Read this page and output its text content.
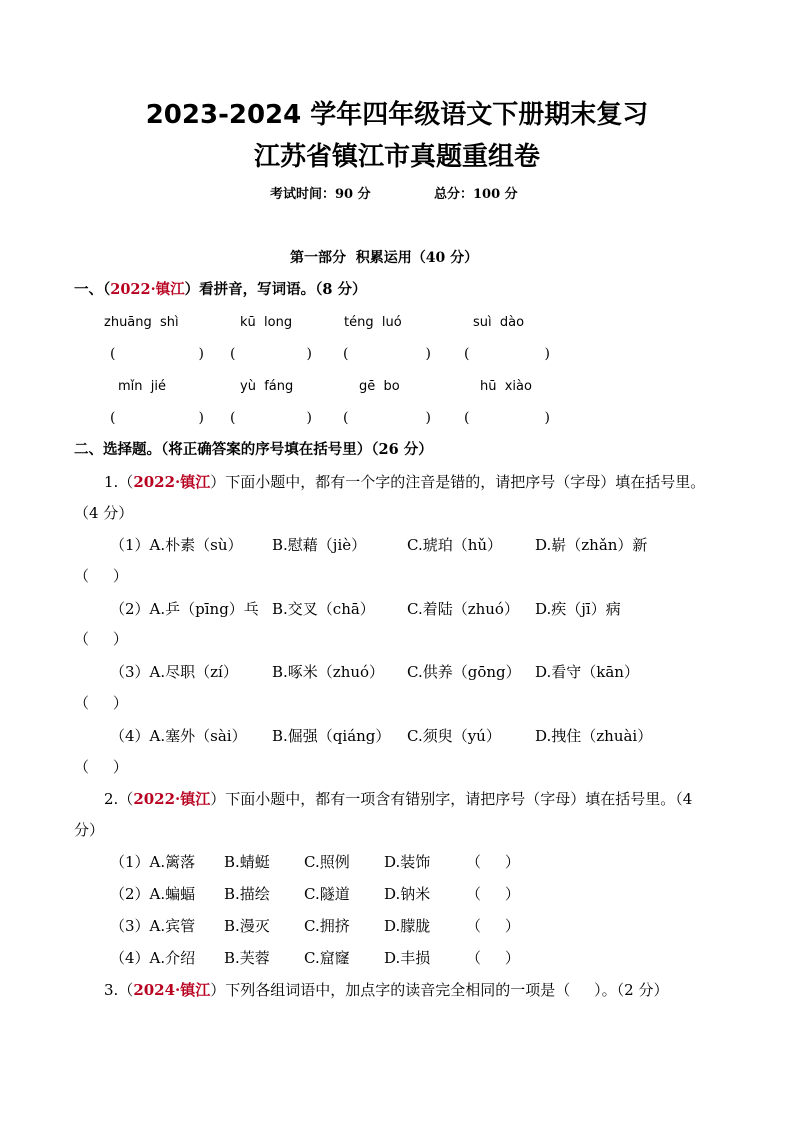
2023-2024 学年四年级语文下册期末复习
江苏省镇江市真题重组卷
考试时间：90 分	总分：100 分
第一部分  积累运用（40 分）
一、（2022·镇江）看拼音，写词语。（8 分）
zhuāng  shì	kū  long	téng  luó	suì  dào
(	) (	) (	) (	)
mǐn  jié	yù  fáng	gē  bo	hū  xiào
(	) (	) (	) (	)
二、选择题。（将正确答案的序号填在括号里）（26 分）
1.（2022·镇江）下面小题中，都有一个字的注音是错的，请把序号（字母）填在括号里。
（4 分）
（1）A.朴素（sù） B.慰藉（jiè）	C.琥珀（hǔ） D.崭（zhǎn）新
（     ）
（2）A.乒（pīng）乓 B.交叉（chā） C.着陆（zhuó） D.疾（jī）病
（     ）
（3）A.尽职（zí） B.啄米（zhuó） C.供养（gōng） D.看守（kān）
（     ）
（4）A.塞外（sài） B.倔强（qiáng） C.须臾（yú） D.拽住（zhuài）
（     ）
2.（2022·镇江）下面小题中，都有一项含有错别字，请把序号（字母）填在括号里。（4
分）
（1）A.篱落 B.蜻蜓 C.照例 D.装饰 （     ）
（2）A.蝙蝠 B.描绘 C.隧道 D.钠米 （     ）
（3）A.宾管 B.漫灭 C.拥挤 D.朦胧 （     ）
（4）A.介绍 B.芙蓉 C.窟窿 D.丰损 （     ）
3.（2024·镇江）下列各组词语中，加点字的读音完全相同的一项是（     ）。（2 分）
